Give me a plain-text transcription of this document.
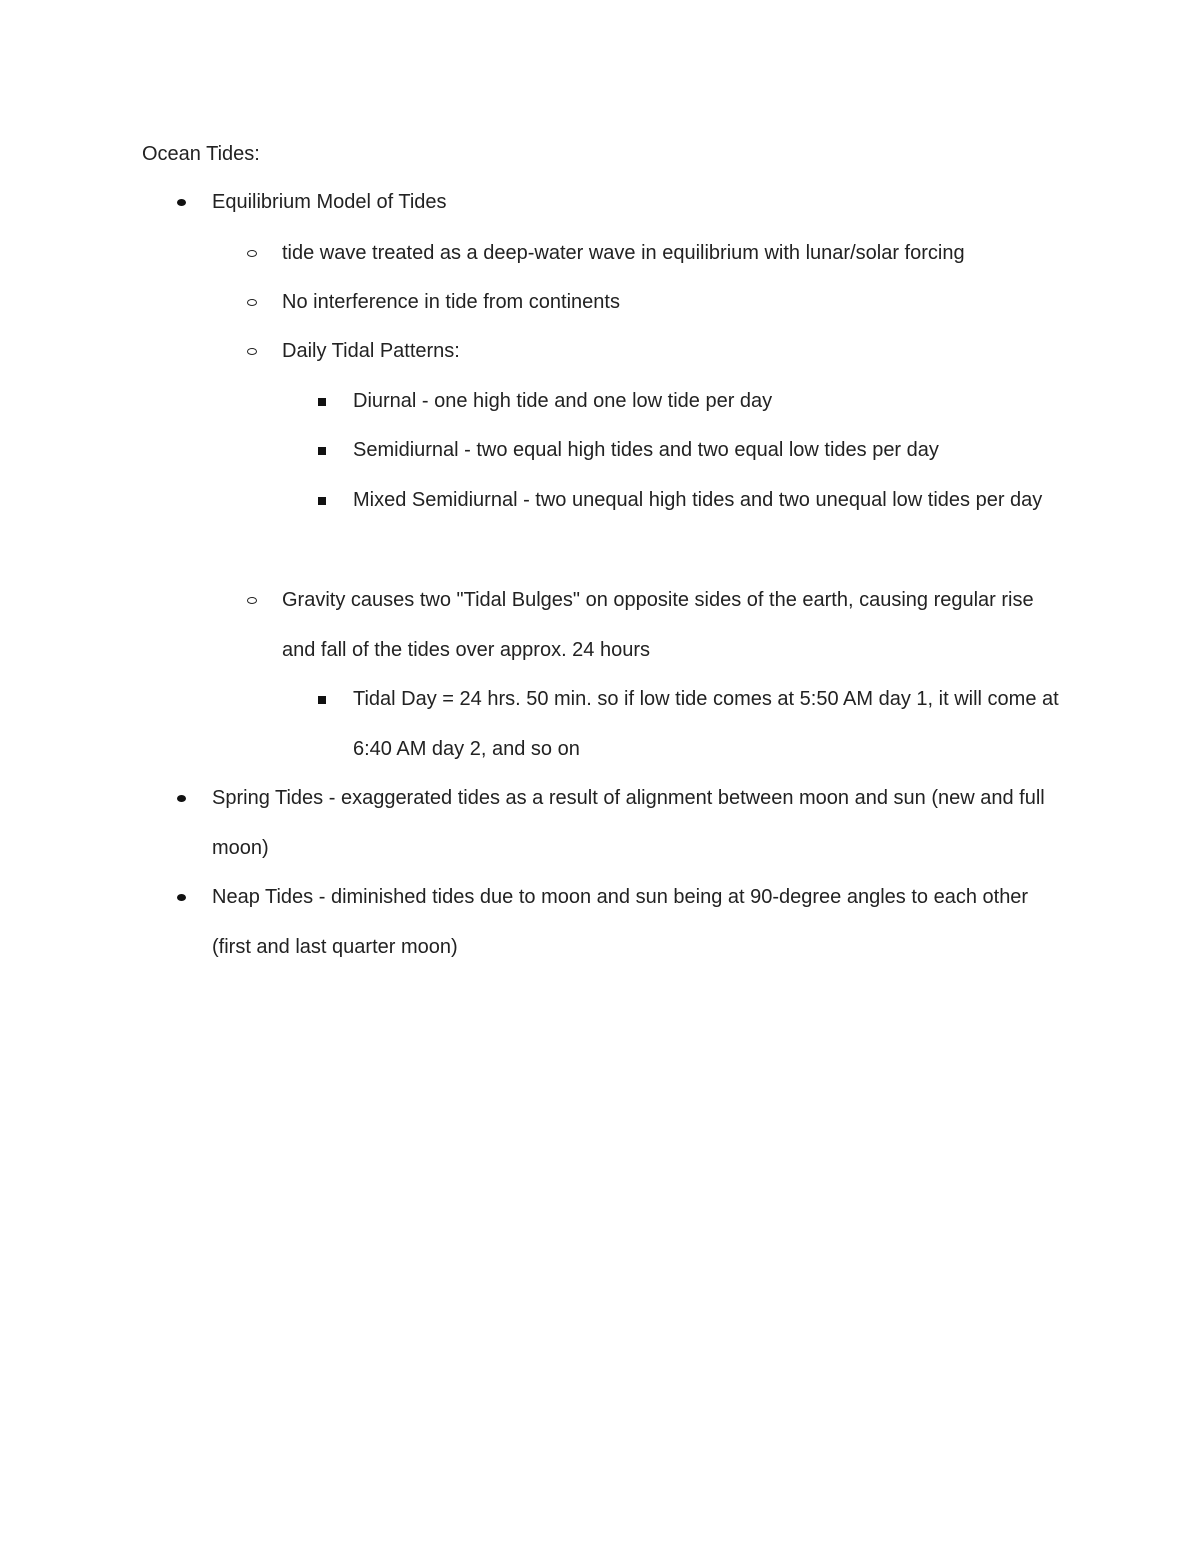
Ocean Tides:
Equilibrium Model of Tides
tide wave treated as a deep-water wave in equilibrium with lunar/solar forcing
No interference in tide from continents
Daily Tidal Patterns:
Diurnal - one high tide and one low tide per day
Semidiurnal - two equal high tides and two equal low tides per day
Mixed Semidiurnal - two unequal high tides and two unequal low tides per day
Gravity causes two "Tidal Bulges" on opposite sides of the earth, causing regular rise and fall of the tides over approx. 24 hours
Tidal Day = 24 hrs. 50 min. so if low tide comes at 5:50 AM day 1, it will come at 6:40 AM day 2, and so on
Spring Tides - exaggerated tides as a result of alignment between moon and sun (new and full moon)
Neap Tides - diminished tides due to moon and sun being at 90-degree angles to each other (first and last quarter moon)
